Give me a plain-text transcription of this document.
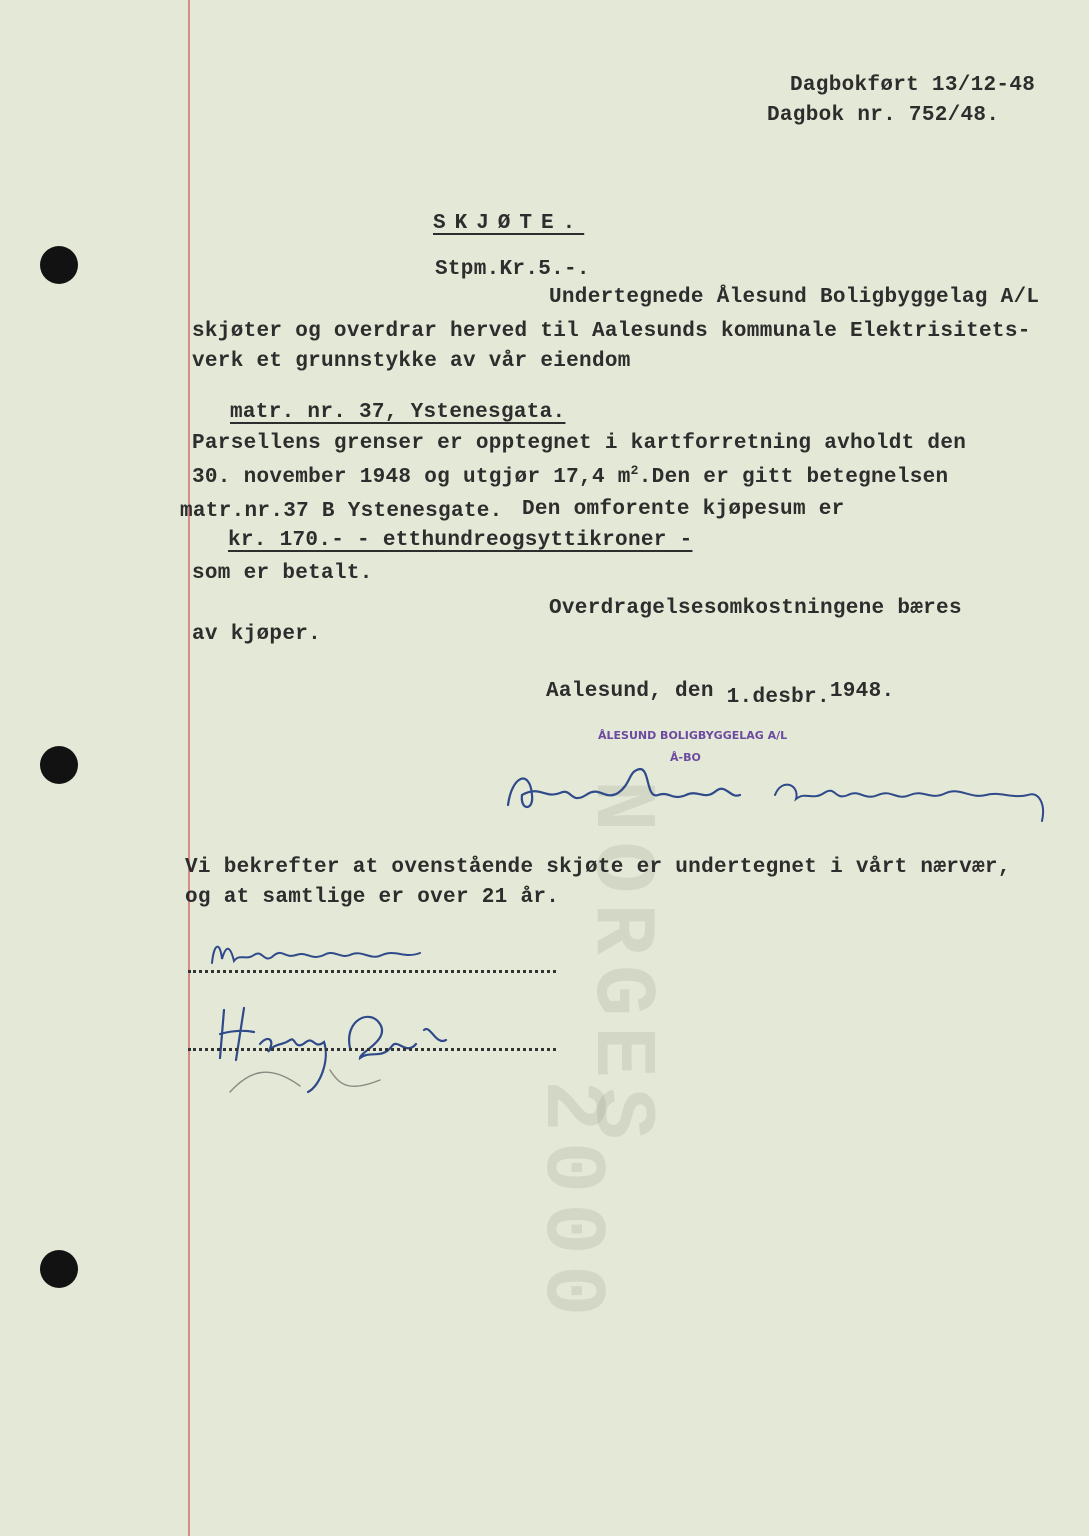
NORGES
2000
Dagbokført 13/12-48
Dagbok nr. 752/48.
SKJØTE.
Stpm.Kr.5.-.
Undertegnede Ålesund Boligbyggelag A/L
skjøter og overdrar herved til Aalesunds kommunale Elektrisitets-
verk et grunnstykke av vår eiendom
matr. nr. 37, Ystenesgata.
Parsellens grenser er opptegnet i kartforretning avholdt den
30. november 1948 og utgjør 17,4 $m^2.Den$ er gitt betegnelsen
matr.nr.37 B Ystenesgate. Den omforente kjøpesum er
kr. 170.- - etthundreogsyttikroner -
som er betalt.
Overdragelsesomkostningene bæres
av kjøper.
Aalesund, den 1.desbr.1948.
ÅLESUND BOLIGBYGGELAG A/L
Å-BO
Vi bekrefter at ovenstående skjøte er undertegnet i vårt nærvær,
og at samtlige er over 21 år.
